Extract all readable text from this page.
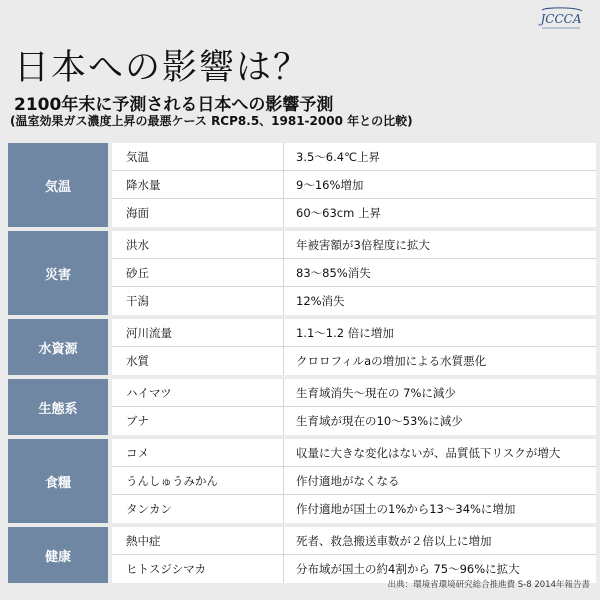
JCCCA
日本への影響は？
2100年末に予測される日本への影響予測
(温室効果ガス濃度上昇の最悪ケース RCP8.5、1981-2000 年との比較)
気温
気温	3.5～6.4℃上昇
降水量	9～16%増加
海面	60～63cm 上昇
災害
洪水	年被害額が3倍程度に拡大
砂丘	83～85%消失
干潟	12%消失
水資源
河川流量	1.1～1.2 倍に増加
水質	クロロフィルaの増加による水質悪化
生態系
ハイマツ	生育域消失～現在の 7%に減少
ブナ	生育域が現在の10～53%に減少
食糧
コメ	収量に大きな変化はないが、品質低下リスクが増大
うんしゅうみかん	作付適地がなくなる
タンカン	作付適地が国土の1%から13～34%に増加
健康
熱中症	死者、救急搬送車数が２倍以上に増加
ヒトスジシマカ	分布域が国土の約4割から 75～96%に拡大
出典：環境省環境研究総合推進費 S-8 2014年報告書
